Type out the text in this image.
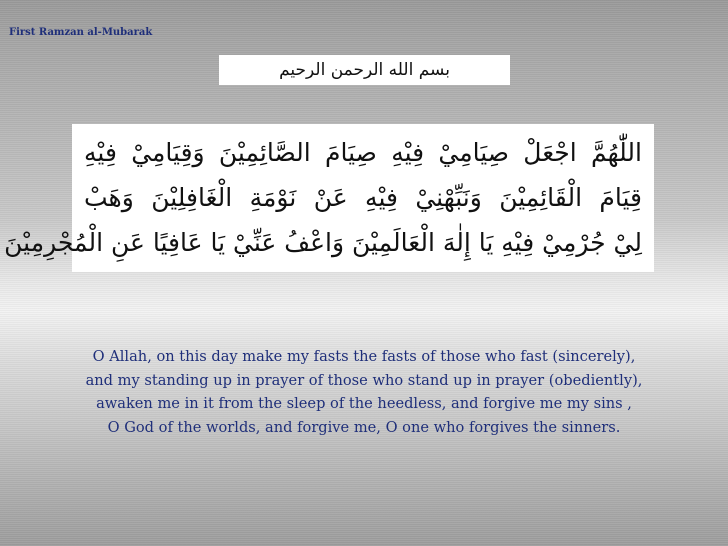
First Ramzan al-Mubarak
بسم الله الرحمن الرحيم
اللّٰهُمَّ اجْعَلْ صِيَامِيْ فِيْهِ صِيَامَ الصَّائِمِيْنَ وَقِيَامِيْ فِيْهِ
قِيَامَ الْقَائِمِيْنَ وَنَبِّهْنِيْ فِيْهِ عَنْ نَوْمَةِ الْغَافِلِيْنَ وَهَبْ
لِيْ جُرْمِيْ فِيْهِ يَا إِلٰهَ الْعَالَمِيْنَ وَاعْفُ عَنِّيْ يَا عَافِيًا عَنِ الْمُجْرِمِيْنَ
O Allah, on this day make my fasts the fasts of those who fast (sincerely),
and my standing up in prayer of those who stand up in prayer (obediently),
awaken me in it from the sleep of the heedless, and forgive me my sins ,
O God of the worlds, and forgive me, O one who forgives the sinners.
